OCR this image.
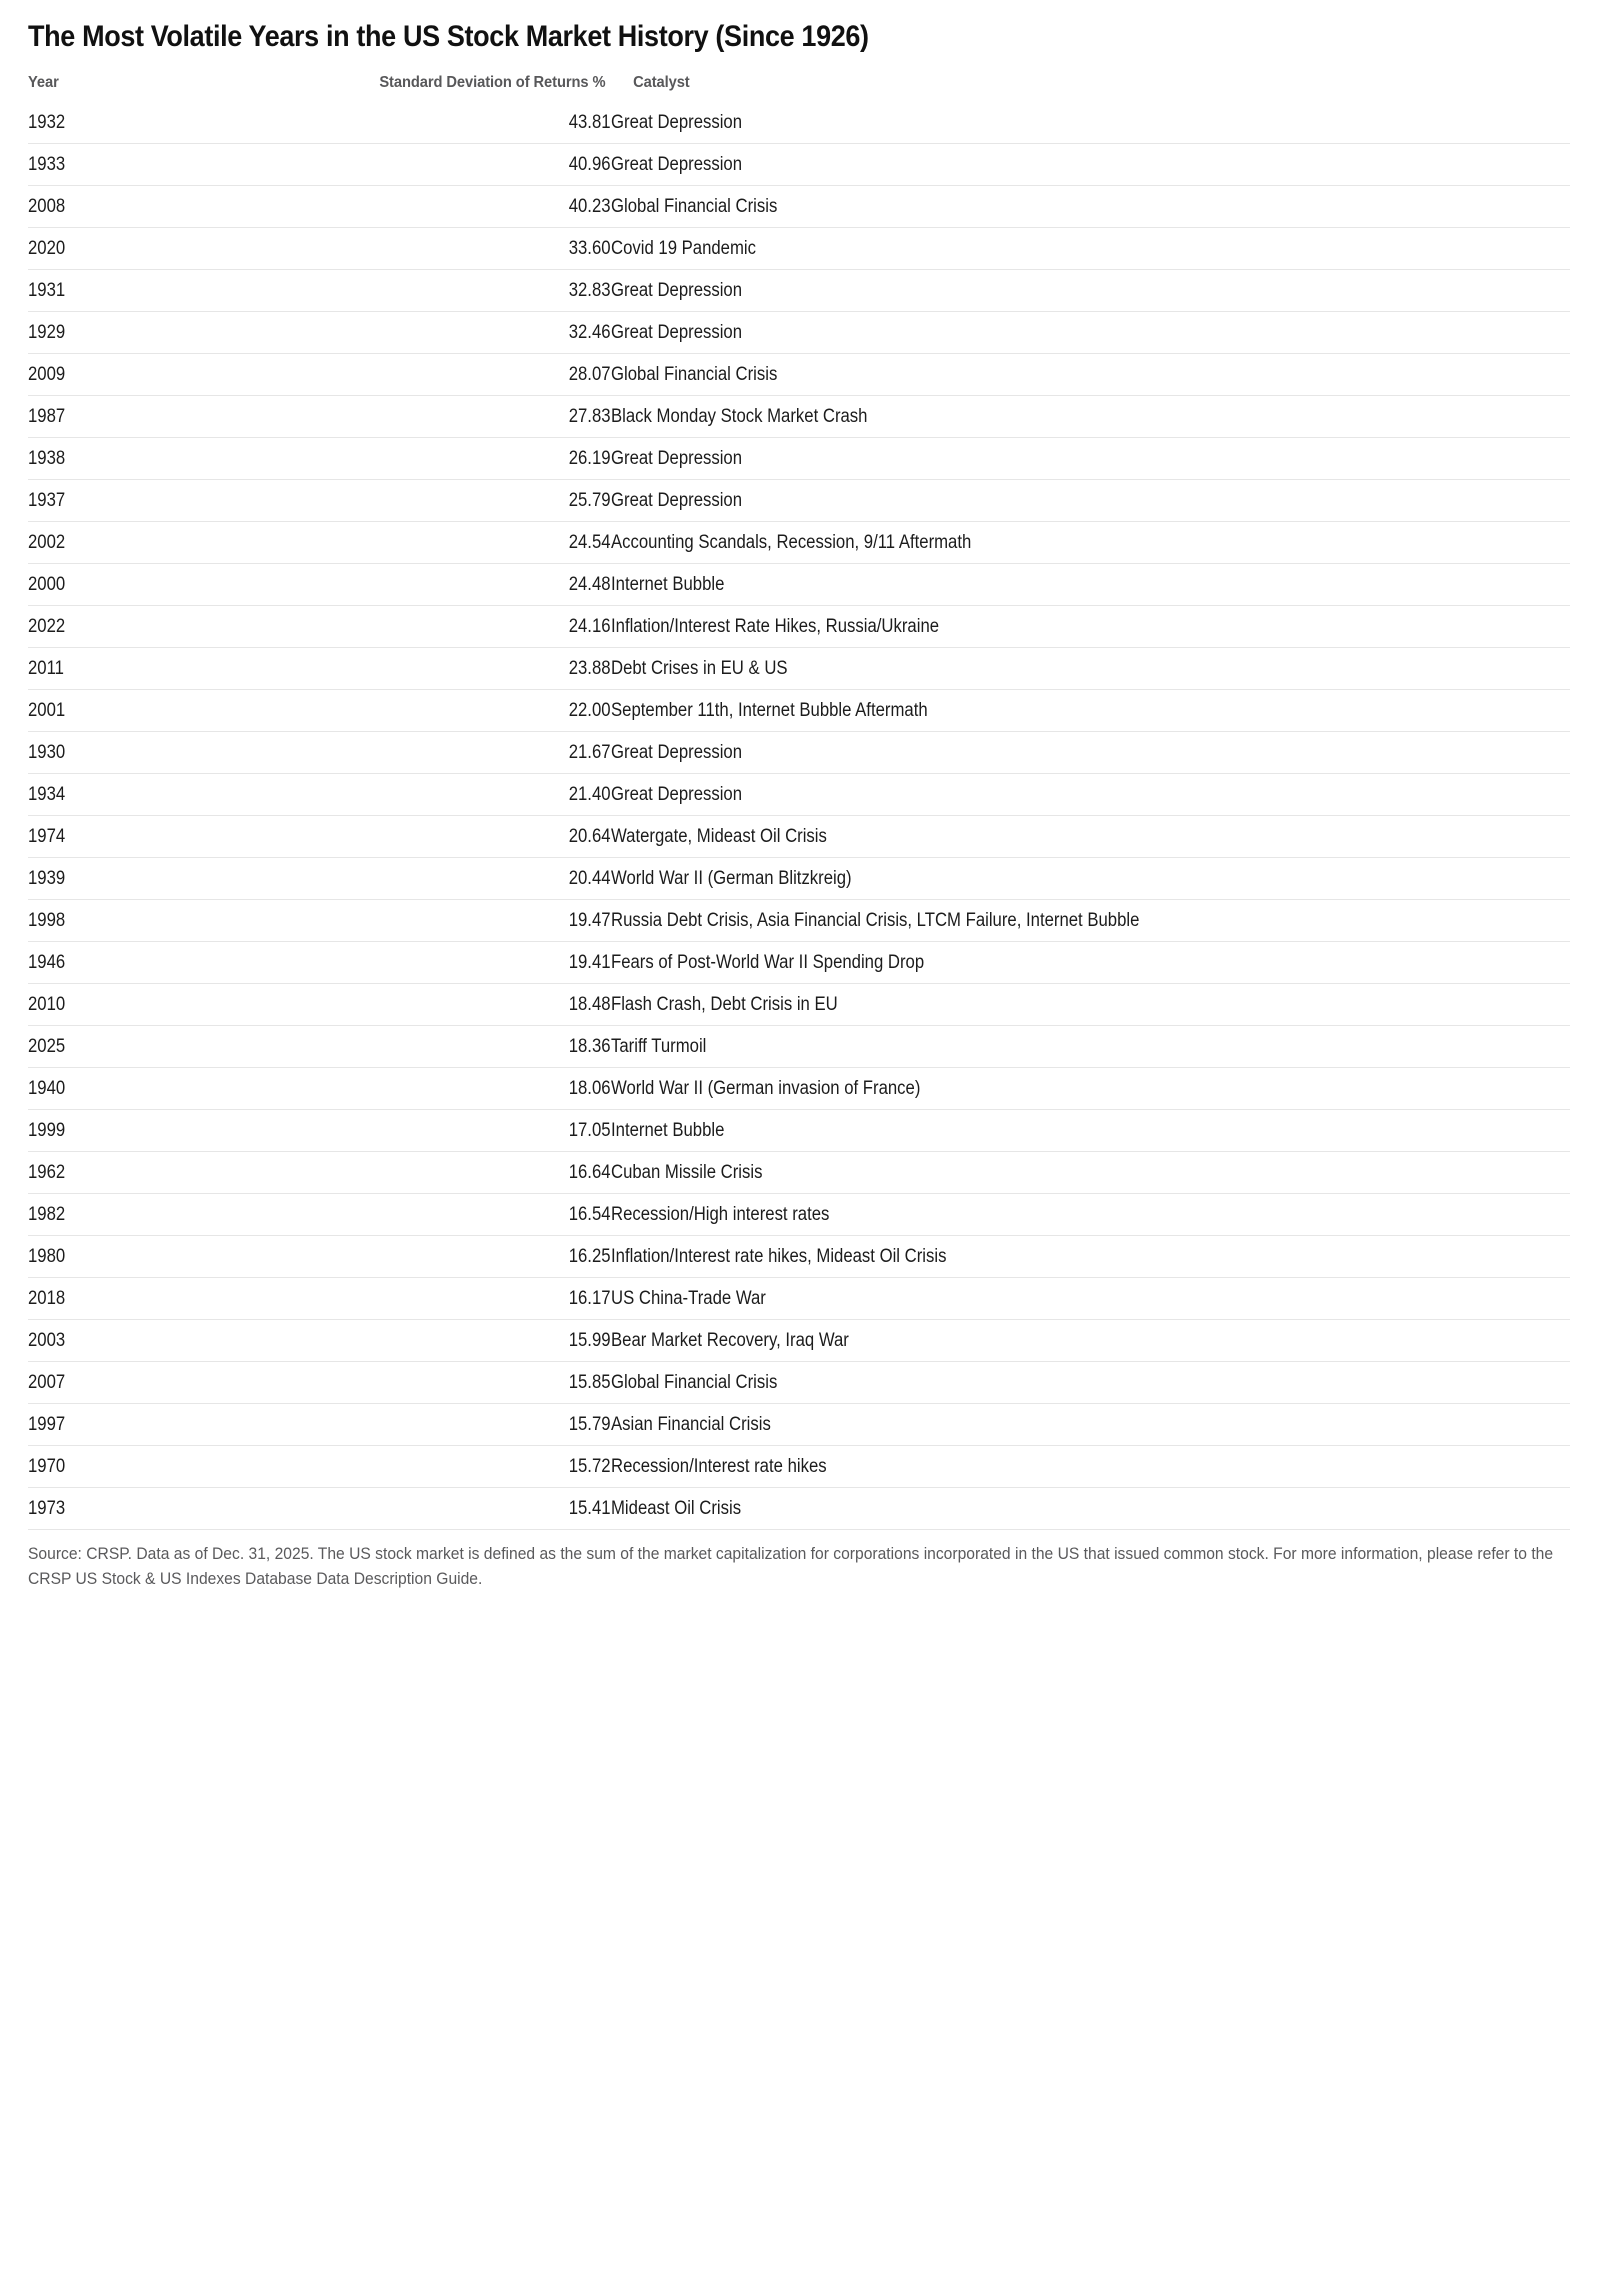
The Most Volatile Years in the US Stock Market History (Since 1926)
Year	Standard Deviation of Returns %	Catalyst
1932	43.81	Great Depression
1933	40.96	Great Depression
2008	40.23	Global Financial Crisis
2020	33.60	Covid 19 Pandemic
1931	32.83	Great Depression
1929	32.46	Great Depression
2009	28.07	Global Financial Crisis
1987	27.83	Black Monday Stock Market Crash
1938	26.19	Great Depression
1937	25.79	Great Depression
2002	24.54	Accounting Scandals, Recession, 9/11 Aftermath
2000	24.48	Internet Bubble
2022	24.16	Inflation/Interest Rate Hikes, Russia/Ukraine
2011	23.88	Debt Crises in EU & US
2001	22.00	September 11th, Internet Bubble Aftermath
1930	21.67	Great Depression
1934	21.40	Great Depression
1974	20.64	Watergate, Mideast Oil Crisis
1939	20.44	World War II (German Blitzkreig)
1998	19.47	Russia Debt Crisis, Asia Financial Crisis, LTCM Failure, Internet Bubble
1946	19.41	Fears of Post-World War II Spending Drop
2010	18.48	Flash Crash, Debt Crisis in EU
2025	18.36	Tariff Turmoil
1940	18.06	World War II (German invasion of France)
1999	17.05	Internet Bubble
1962	16.64	Cuban Missile Crisis
1982	16.54	Recession/High interest rates
1980	16.25	Inflation/Interest rate hikes, Mideast Oil Crisis
2018	16.17	US China-Trade War
2003	15.99	Bear Market Recovery, Iraq War
2007	15.85	Global Financial Crisis
1997	15.79	Asian Financial Crisis
1970	15.72	Recession/Interest rate hikes
1973	15.41	Mideast Oil Crisis

Source: CRSP. Data as of Dec. 31, 2025. The US stock market is defined as the sum of the market capitalization for corporations incorporated in the US that issued common stock. For more information, please refer to the CRSP US Stock & US Indexes Database Data Description Guide.
